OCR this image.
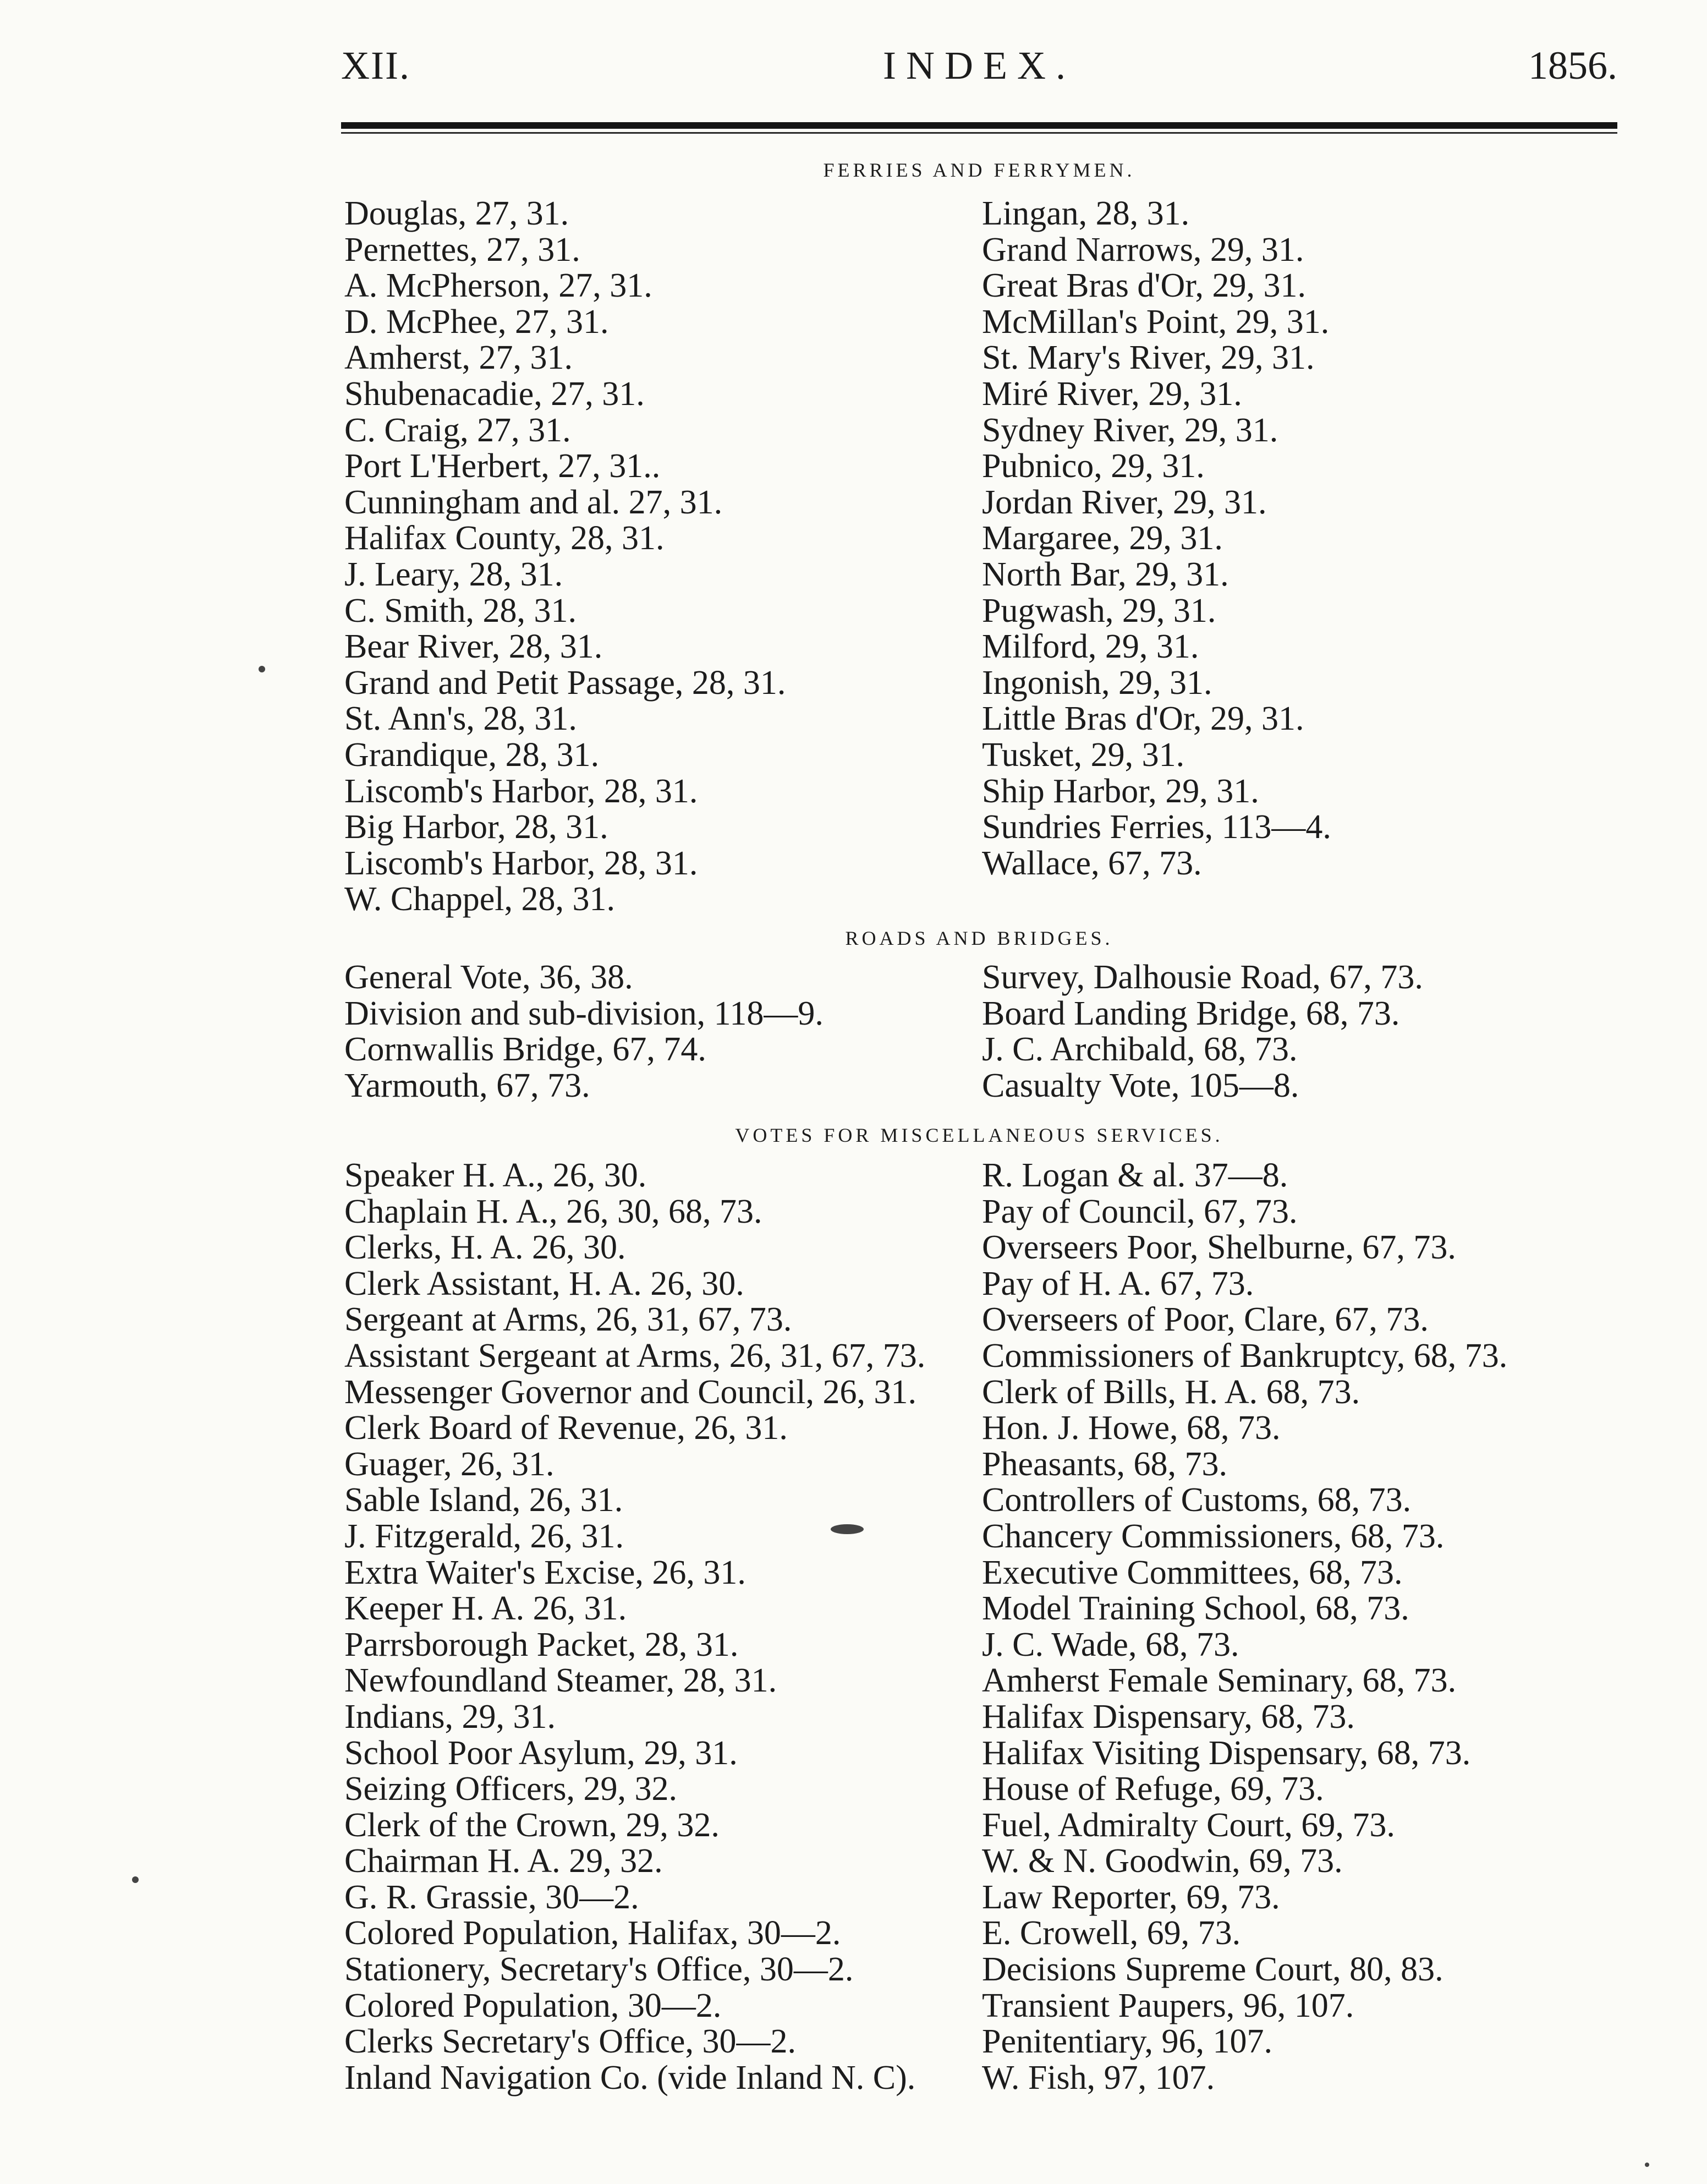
XII.	INDEX.	1856.
FERRIES AND FERRYMEN.
Douglas, 27, 31.
Pernettes, 27, 31.
A. McPherson, 27, 31.
D. McPhee, 27, 31.
Amherst, 27, 31.
Shubenacadie, 27, 31.
C. Craig, 27, 31.
Port L'Herbert, 27, 31..
Cunningham and al. 27, 31.
Halifax County, 28, 31.
J. Leary, 28, 31.
C. Smith, 28, 31.
Bear River, 28, 31.
Grand and Petit Passage, 28, 31.
St. Ann's, 28, 31.
Grandique, 28, 31.
Liscomb's Harbor, 28, 31.
Big Harbor, 28, 31.
Liscomb's Harbor, 28, 31.
W. Chappel, 28, 31.
Lingan, 28, 31.
Grand Narrows, 29, 31.
Great Bras d'Or, 29, 31.
McMillan's Point, 29, 31.
St. Mary's River, 29, 31.
Miré River, 29, 31.
Sydney River, 29, 31.
Pubnico, 29, 31.
Jordan River, 29, 31.
Margaree, 29, 31.
North Bar, 29, 31.
Pugwash, 29, 31.
Milford, 29, 31.
Ingonish, 29, 31.
Little Bras d'Or, 29, 31.
Tusket, 29, 31.
Ship Harbor, 29, 31.
Sundries Ferries, 113—4.
Wallace, 67, 73.
ROADS AND BRIDGES.
General Vote, 36, 38.
Division and sub-division, 118—9.
Cornwallis Bridge, 67, 74.
Yarmouth, 67, 73.
Survey, Dalhousie Road, 67, 73.
Board Landing Bridge, 68, 73.
J. C. Archibald, 68, 73.
Casualty Vote, 105—8.
VOTES FOR MISCELLANEOUS SERVICES.
Speaker H. A., 26, 30.
Chaplain H. A., 26, 30, 68, 73.
Clerks, H. A. 26, 30.
Clerk Assistant, H. A. 26, 30.
Sergeant at Arms, 26, 31, 67, 73.
Assistant Sergeant at Arms, 26, 31, 67, 73.
Messenger Governor and Council, 26, 31.
Clerk Board of Revenue, 26, 31.
Guager, 26, 31.
Sable Island, 26, 31.
J. Fitzgerald, 26, 31.
Extra Waiter's Excise, 26, 31.
Keeper H. A. 26, 31.
Parrsborough Packet, 28, 31.
Newfoundland Steamer, 28, 31.
Indians, 29, 31.
School Poor Asylum, 29, 31.
Seizing Officers, 29, 32.
Clerk of the Crown, 29, 32.
Chairman H. A. 29, 32.
G. R. Grassie, 30—2.
Colored Population, Halifax, 30—2.
Stationery, Secretary's Office, 30—2.
Colored Population, 30—2.
Clerks Secretary's Office, 30—2.
Inland Navigation Co. (vide Inland N. C).
R. Logan & al. 37—8.
Pay of Council, 67, 73.
Overseers Poor, Shelburne, 67, 73.
Pay of H. A. 67, 73.
Overseers of Poor, Clare, 67, 73.
Commissioners of Bankruptcy, 68, 73.
Clerk of Bills, H. A. 68, 73.
Hon. J. Howe, 68, 73.
Pheasants, 68, 73.
Controllers of Customs, 68, 73.
Chancery Commissioners, 68, 73.
Executive Committees, 68, 73.
Model Training School, 68, 73.
J. C. Wade, 68, 73.
Amherst Female Seminary, 68, 73.
Halifax Dispensary, 68, 73.
Halifax Visiting Dispensary, 68, 73.
House of Refuge, 69, 73.
Fuel, Admiralty Court, 69, 73.
W. & N. Goodwin, 69, 73.
Law Reporter, 69, 73.
E. Crowell, 69, 73.
Decisions Supreme Court, 80, 83.
Transient Paupers, 96, 107.
Penitentiary, 96, 107.
W. Fish, 97, 107.
